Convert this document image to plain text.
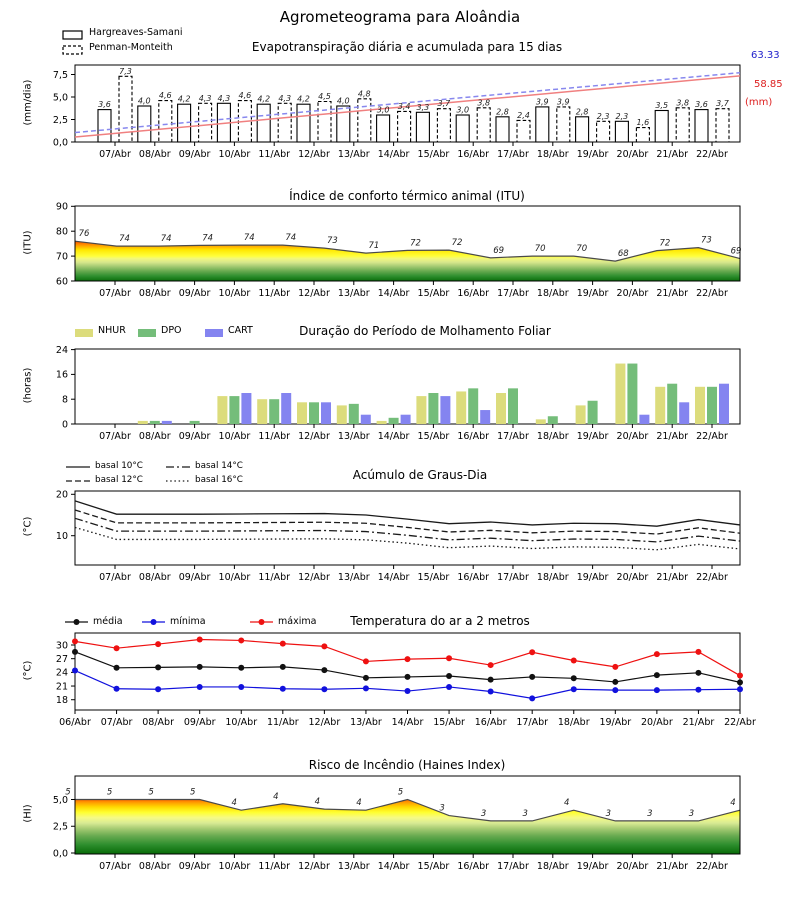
0,0
2,5
5,0
7,5
07/Abr 08/Abr 09/Abr 10/Abr 11/Abr 12/Abr 13/Abr 14/Abr 15/Abr 16/Abr 17/Abr 18/Abr 19/Abr 20/Abr 21/Abr 22/Abr
3,6	4,0	4,2	4,3	4,2	4,2	4,0
3,0	3,3	3,0	2,8
3,9
2,8	2,3
3,5	3,6
7,3
4,6	4,3	4,6	4,3	4,5	4,8
3,4	3,7	3,8
2,4
3,9
2,3
1,6
3,8	3,7
76	74	74	74	74	74	73	71	72	72
69	70	70	68
72	73
69
60
70
80
90
07/Abr 08/Abr 09/Abr 10/Abr 11/Abr 12/Abr 13/Abr 14/Abr 15/Abr 16/Abr 17/Abr 18/Abr 19/Abr 20/Abr 21/Abr 22/Abr
0
8
16
24
07/Abr 08/Abr 09/Abr 10/Abr 11/Abr 12/Abr 13/Abr 14/Abr 15/Abr 16/Abr 17/Abr 18/Abr 19/Abr 20/Abr 21/Abr 22/Abr
10
20
07/Abr 08/Abr 09/Abr 10/Abr 11/Abr 12/Abr 13/Abr 14/Abr 15/Abr 16/Abr 17/Abr 18/Abr 19/Abr 20/Abr 21/Abr 22/Abr
18
21
24
27
30
06/Abr 07/Abr 08/Abr 09/Abr 10/Abr 11/Abr 12/Abr 13/Abr 14/Abr 15/Abr 16/Abr 17/Abr 18/Abr 19/Abr 20/Abr 21/Abr 22/Abr
5	5	5	5
4
4
4	4
5
3
3	3
4
3	3	3
4
0,0
2,5
5,0
07/Abr 08/Abr 09/Abr 10/Abr 11/Abr 12/Abr 13/Abr 14/Abr 15/Abr 16/Abr 17/Abr 18/Abr 19/Abr 20/Abr 21/Abr 22/Abr
Agrometeograma para Aloândia
Evapotranspiração diária e acumulada para 15 dias
Índice de conforto térmico animal (ITU)
Duração do Período de Molhamento Foliar
Acúmulo de Graus-Dia
Temperatura do ar a 2 metros
Risco de Incêndio (Haines Index)
(mm/dia)
(ITU)
(horas)
(°C)
(°C)
(HI)
Hargreaves-Samani
Penman-Monteith
63.33
58.85
(mm)
NHUR	DPO	CART
basal 10°C
basal 12°C
basal 14°C
basal 16°C
média	mínima	máxima
